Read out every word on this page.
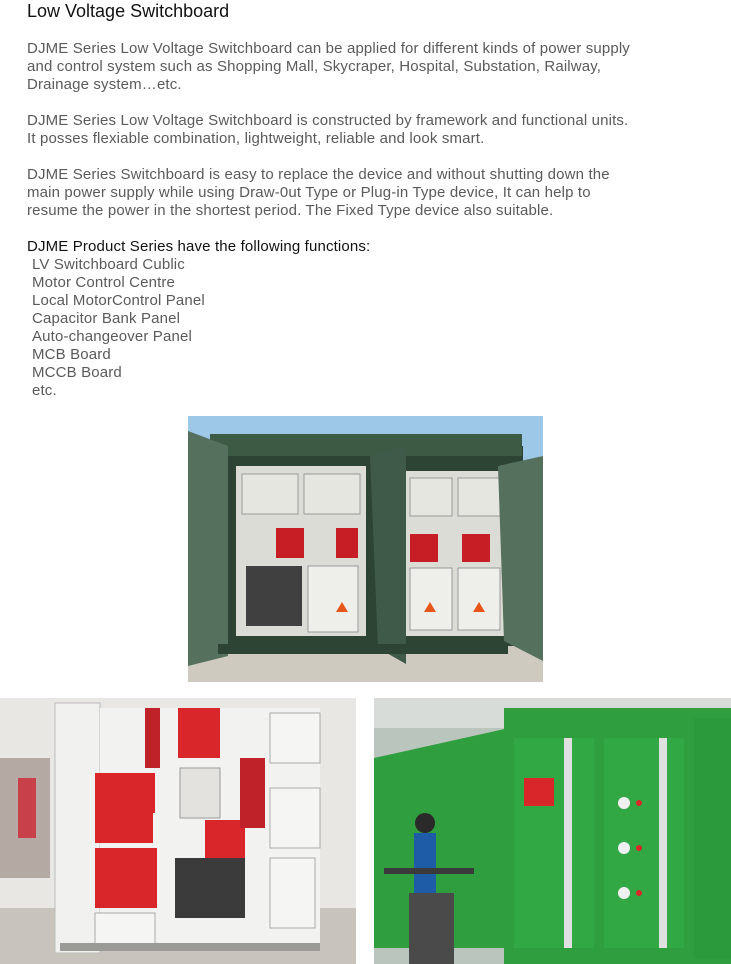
Low Voltage Switchboard
DJME Series Low Voltage Switchboard can be applied for different kinds of power supply
and control system such as Shopping Mall, Skycraper, Hospital, Substation, Railway,
Drainage system…etc.
DJME Series Low Voltage Switchboard is constructed by framework and functional units.
It posses flexiable combination, lightweight, reliable and look smart.
DJME Series Switchboard is easy to replace the device and without shutting down the
main power supply while using Draw-0ut Type or Plug-in Type device, It can help to
resume the power in the shortest period. The Fixed Type device also suitable.
DJME Product Series have the following functions:
LV Switchboard Cublic
Motor Control Centre
Local MotorControl Panel
Capacitor Bank Panel
Auto-changeover Panel
MCB Board
MCCB Board
etc.
